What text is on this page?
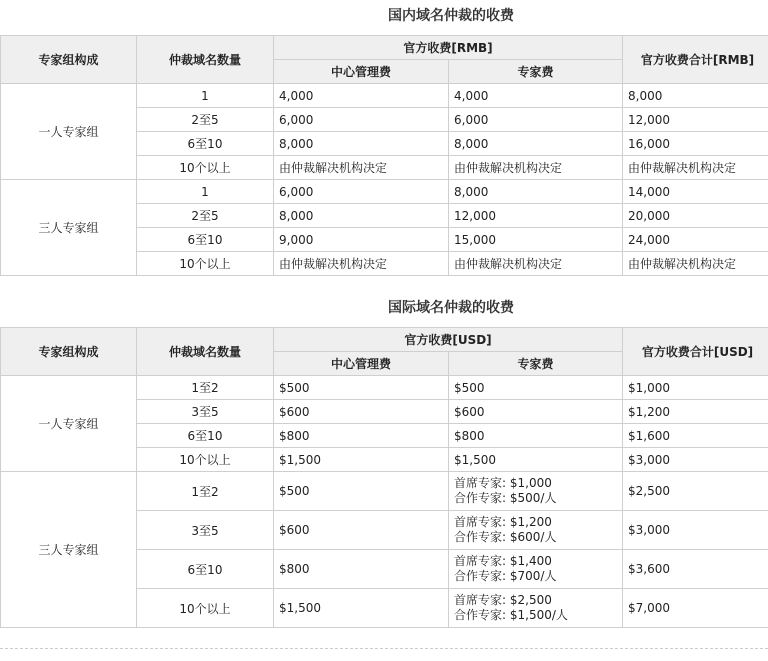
国内域名仲裁的收费
专家组构成	仲裁域名数量	官方收费[RMB]		官方收费合计[RMB]
		中心管理费	专家费	
一人专家组	1	4,000	4,000	8,000
	2至5	6,000	6,000	12,000
	6至10	8,000	8,000	16,000
	10个以上	由仲裁解决机构决定	由仲裁解决机构决定	由仲裁解决机构决定
三人专家组	1	6,000	8,000	14,000
	2至5	8,000	12,000	20,000
	6至10	9,000	15,000	24,000
	10个以上	由仲裁解决机构决定	由仲裁解决机构决定	由仲裁解决机构决定
国际域名仲裁的收费
专家组构成	仲裁域名数量	官方收费[USD]		官方收费合计[USD]
		中心管理费	专家费	
一人专家组	1至2	$500	$500	$1,000
	3至5	$600	$600	$1,200
	6至10	$800	$800	$1,600
	10个以上	$1,500	$1,500	$3,000
三人专家组	1至2	$500	首席专家: $1,000
合作专家: $500/人	$2,500
	3至5	$600	首席专家: $1,200
合作专家: $600/人	$3,000
	6至10	$800	首席专家: $1,400
合作专家: $700/人	$3,600
	10个以上	$1,500	首席专家: $2,500
合作专家: $1,500/人	$7,000
